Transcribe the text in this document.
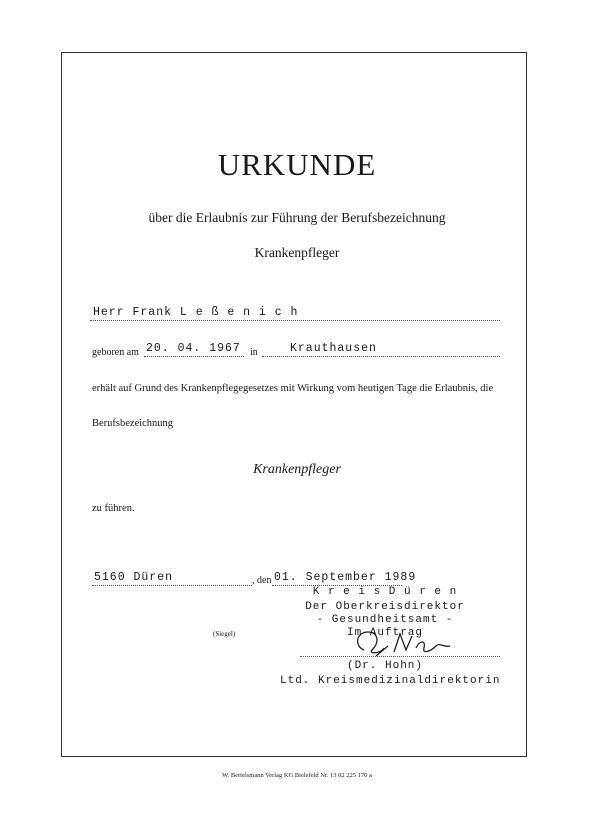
URKUNDE
über die Erlaubnis zur Führung der Berufsbezeichnung
Krankenpfleger
Herr Frank L e ß e n i c h
geboren am 20. 04. 1967 in	Krauthausen
erhält auf Grund des Krankenpflegegesetzes mit Wirkung vom heutigen Tage die Erlaubnis, die
Berufsbezeichnung
Krankenpfleger
zu führen.
5160 Düren	, den 01. September 1989
K r e i s D ü r e n
Der Oberkreisdirektor
- Gesundheitsamt -
Im Auftrag
(Siegel)
(Dr. Hohn)
Ltd. Kreismedizinaldirektorin
W. Bertelsmann Verlag KG Bielefeld Nr. 13 02 225 170 a
